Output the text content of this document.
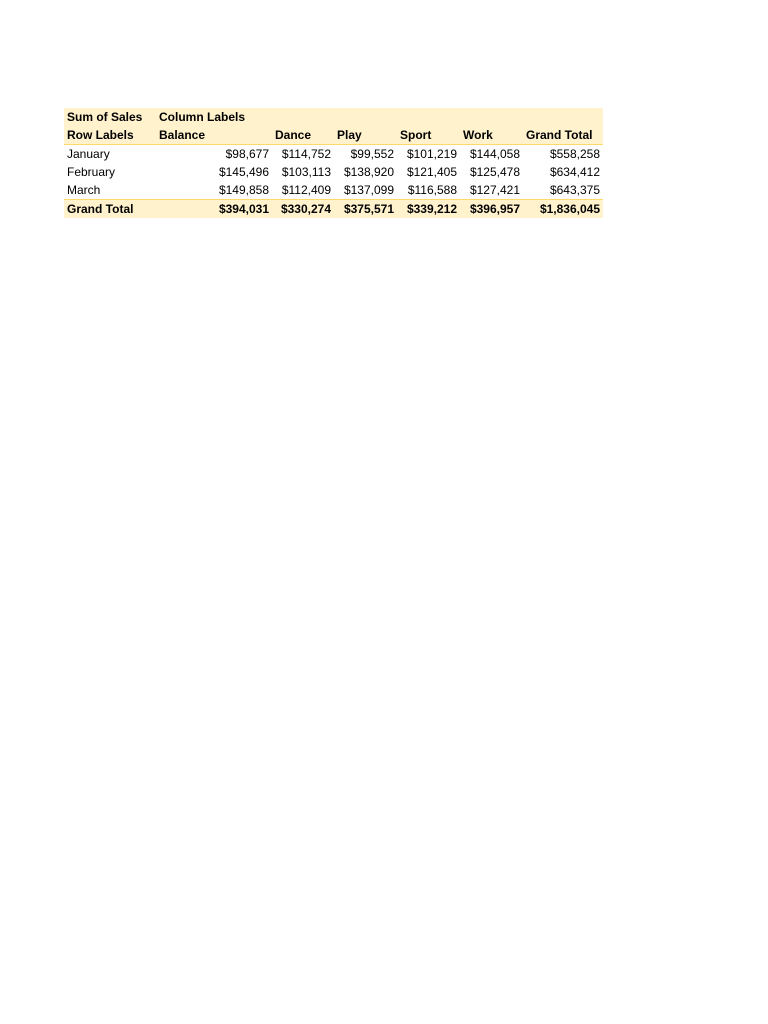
Sum of Sales	Column Labels					
Row Labels	Balance	Dance	Play	Sport	Work	Grand Total
January	$98,677	$114,752	$99,552	$101,219	$144,058	$558,258
February	$145,496	$103,113	$138,920	$121,405	$125,478	$634,412
March	$149,858	$112,409	$137,099	$116,588	$127,421	$643,375
Grand Total	$394,031	$330,274	$375,571	$339,212	$396,957	$1,836,045
